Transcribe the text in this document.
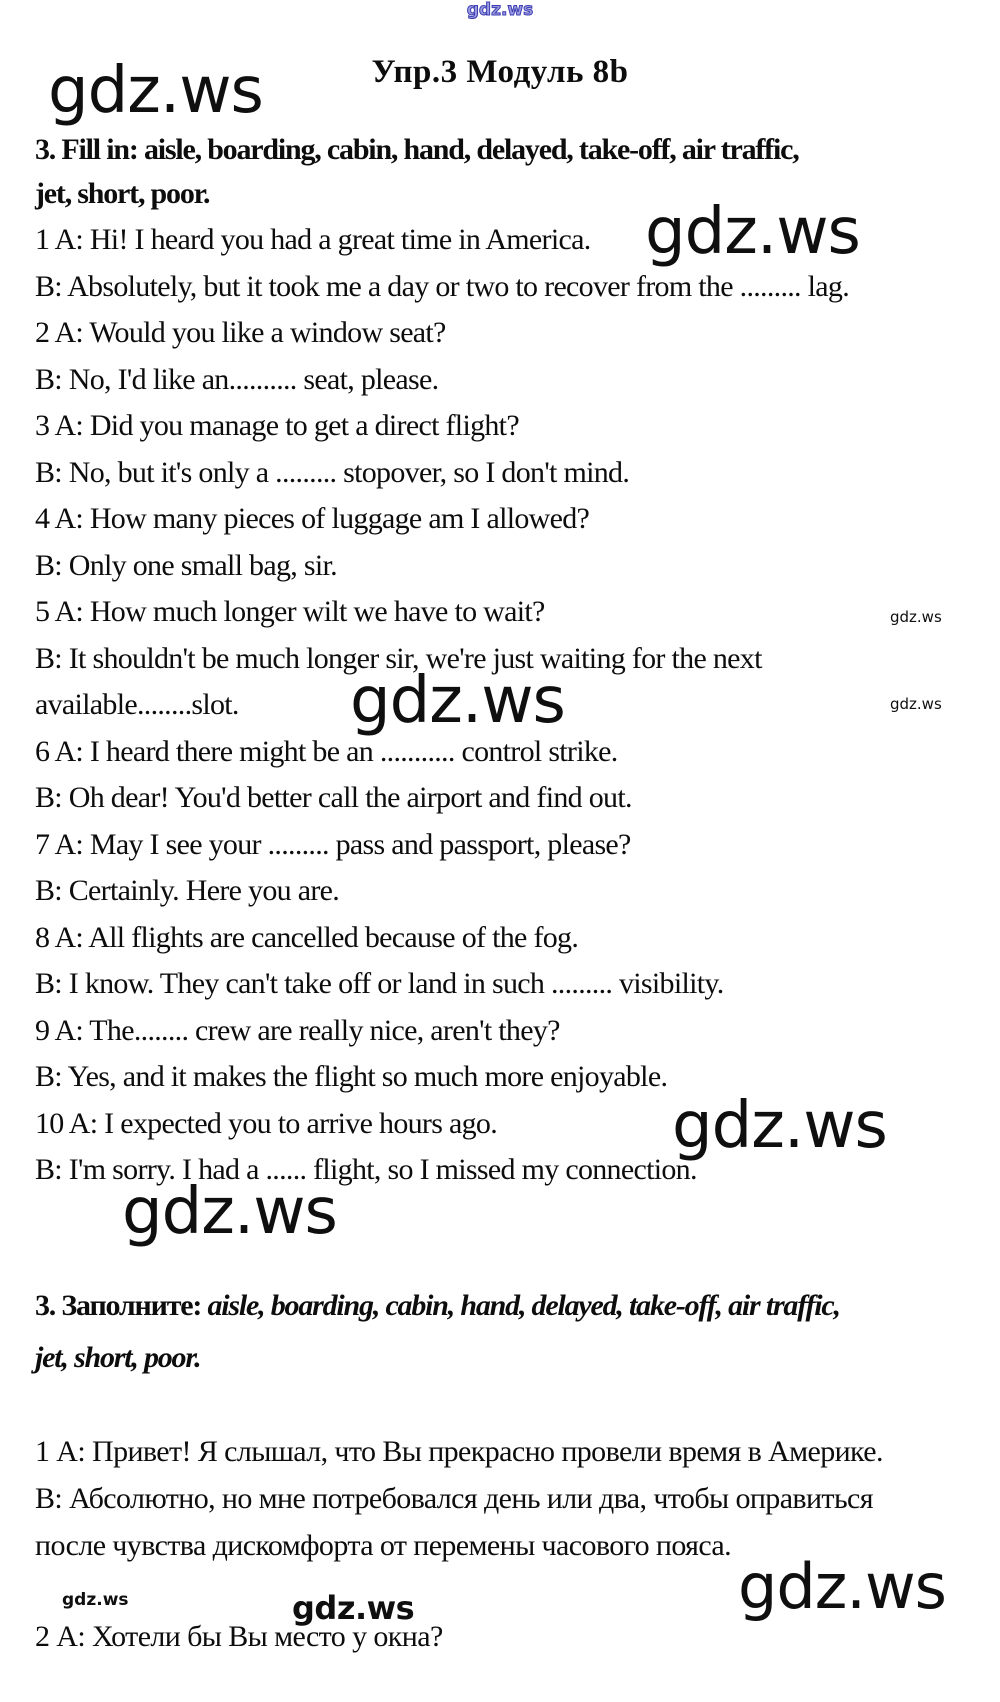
gdz.ws
gdz.ws
gdz.ws
gdz.ws
gdz.ws
gdz.ws
gdz.ws
gdz.ws
gdz.ws
gdz.ws
gdz.ws
Упр.3 Модуль 8b
3. Fill in: aisle, boarding, cabin, hand, delayed, take-off, air traffic,
jet, short, poor.
1 A: Hi! I heard you had a great time in America.
B: Absolutely, but it took me a day or two to recover from the ......... lag.
2 A: Would you like a window seat?
B: No, I'd like an.......... seat, please.
3 A: Did you manage to get a direct flight?
B: No, but it's only a ......... stopover, so I don't mind.
4 A: How many pieces of luggage am I allowed?
B: Only one small bag, sir.
5 A: How much longer wilt we have to wait?
B: It shouldn't be much longer sir, we're just waiting for the next
available........slot.
6 A: I heard there might be an ........... control strike.
B: Oh dear! You'd better call the airport and find out.
7 A: May I see your ......... pass and passport, please?
B: Certainly. Here you are.
8 A: All flights are cancelled because of the fog.
B: I know. They can't take off or land in such ......... visibility.
9 A: The........ crew are really nice, aren't they?
B: Yes, and it makes the flight so much more enjoyable.
10 A: I expected you to arrive hours ago.
B: I'm sorry. I had a ...... flight, so I missed my connection.
3. Заполните: aisle, boarding, cabin, hand, delayed, take-off, air traffic,
jet, short, poor.
1 А: Привет! Я слышал, что Вы прекрасно провели время в Америке.
В: Абсолютно, но мне потребовался день или два, чтобы оправиться
после чувства дискомфорта от перемены часового пояса.
2 А: Хотели бы Вы место у окна?
